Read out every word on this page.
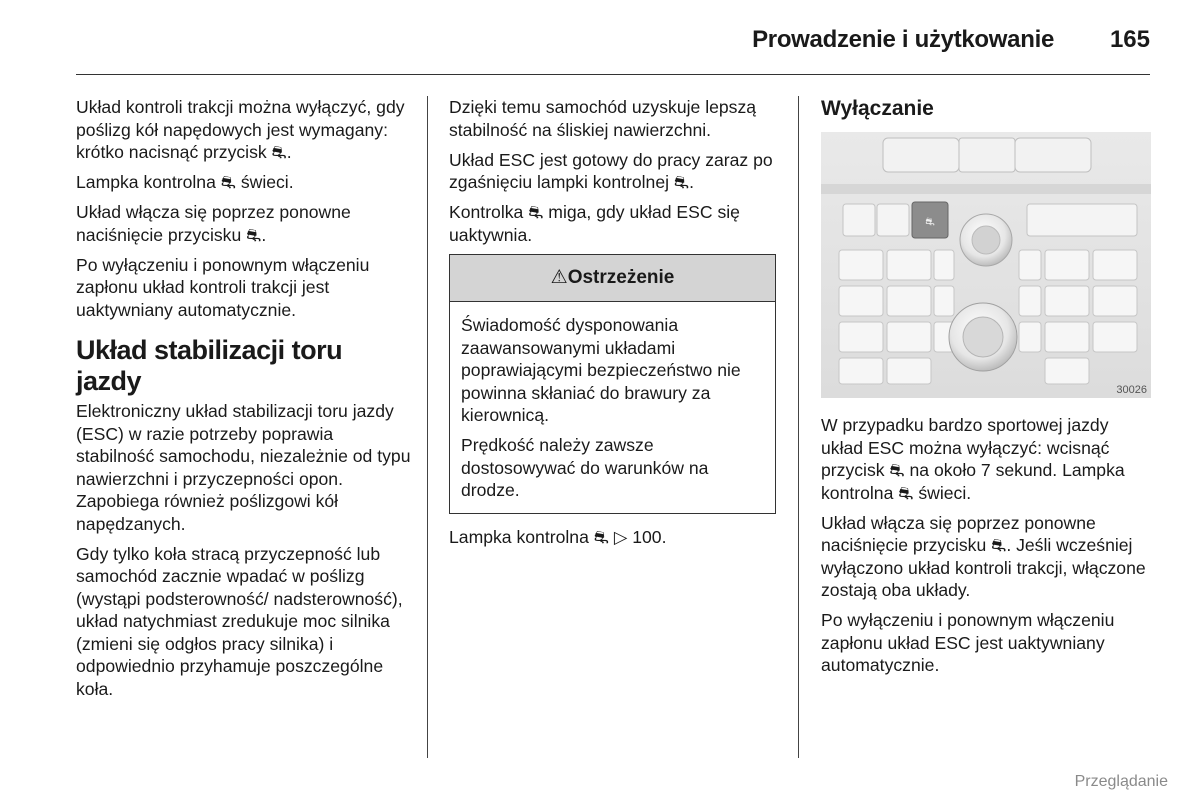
Prowadzenie i użytkowanie 165

Układ kontroli trakcji można wyłączyć, gdy poślizg kół napędowych jest wymagany: krótko nacisnąć przycisk ⛐.

Lampka kontrolna ⛐ świeci.

Układ włącza się poprzez ponowne naciśnięcie przycisku ⛐.

Po wyłączeniu i ponownym włączeniu zapłonu układ kontroli trakcji jest uaktywniany automatycznie.

Układ stabilizacji toru jazdy

Elektroniczny układ stabilizacji toru jazdy (ESC) w razie potrzeby poprawia stabilność samochodu, niezależnie od typu nawierzchni i przyczepności opon. Zapobiega również poślizgowi kół napędzanych.

Gdy tylko koła stracą przyczepność lub samochód zacznie wpadać w poślizg (wystąpi podsterowność/ nadsterowność), układ natychmiast zredukuje moc silnika (zmieni się odgłos pracy silnika) i odpowiednio przyhamuje poszczególne koła.

Dzięki temu samochód uzyskuje lepszą stabilność na śliskiej nawierzchni.

Układ ESC jest gotowy do pracy zaraz po zgaśnięciu lampki kontrolnej ⛐.

Kontrolka ⛐ miga, gdy układ ESC się uaktywnia.

⚠ Ostrzeżenie

Świadomość dysponowania zaawansowanymi układami poprawiającymi bezpieczeństwo nie powinna skłaniać do brawury za kierownicą.

Prędkość należy zawsze dostosowywać do warunków na drodze.

Lampka kontrolna ⛐ ▷ 100.

Wyłączanie
⛐
30026

W przypadku bardzo sportowej jazdy układ ESC można wyłączyć: wcisnąć przycisk ⛐ na około 7 sekund. Lampka kontrolna ⛐ świeci.

Układ włącza się poprzez ponowne naciśnięcie przycisku ⛐. Jeśli wcześniej wyłączono układ kontroli trakcji, włączone zostają oba układy.

Po wyłączeniu i ponownym włączeniu zapłonu układ ESC jest uaktywniany automatycznie.

Przeglądanie
